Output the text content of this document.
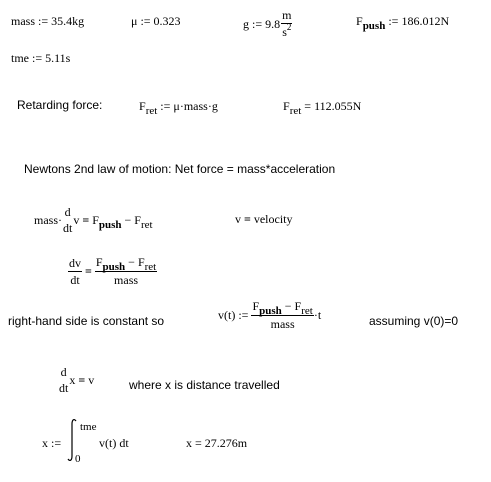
mass := 35.4kg	μ := 0.323	g := $9.8 \frac{m}{s^2}$	Fpush := 186.012N
tme := 5.11s
Retarding force:	Fret := μ·mass·g	Fret = 112.055N
Newtons 2nd law of motion: Net force = mass*acceleration
mass·
d
dt
v = Fpush − Fret	v = velocity
$\frac{dv}{dt} = \frac{\text{Fpush − Fret}}{\text{mass}}$
right-hand side is constant so	v(t) := $\frac{\text{Fpush − Fret}}{\text{mass}} \cdot t$	assuming v(0)=0
d
dt
x = v	where x is distance travelled
x :=
tme
0
v(t) dt	x = 27.276m
